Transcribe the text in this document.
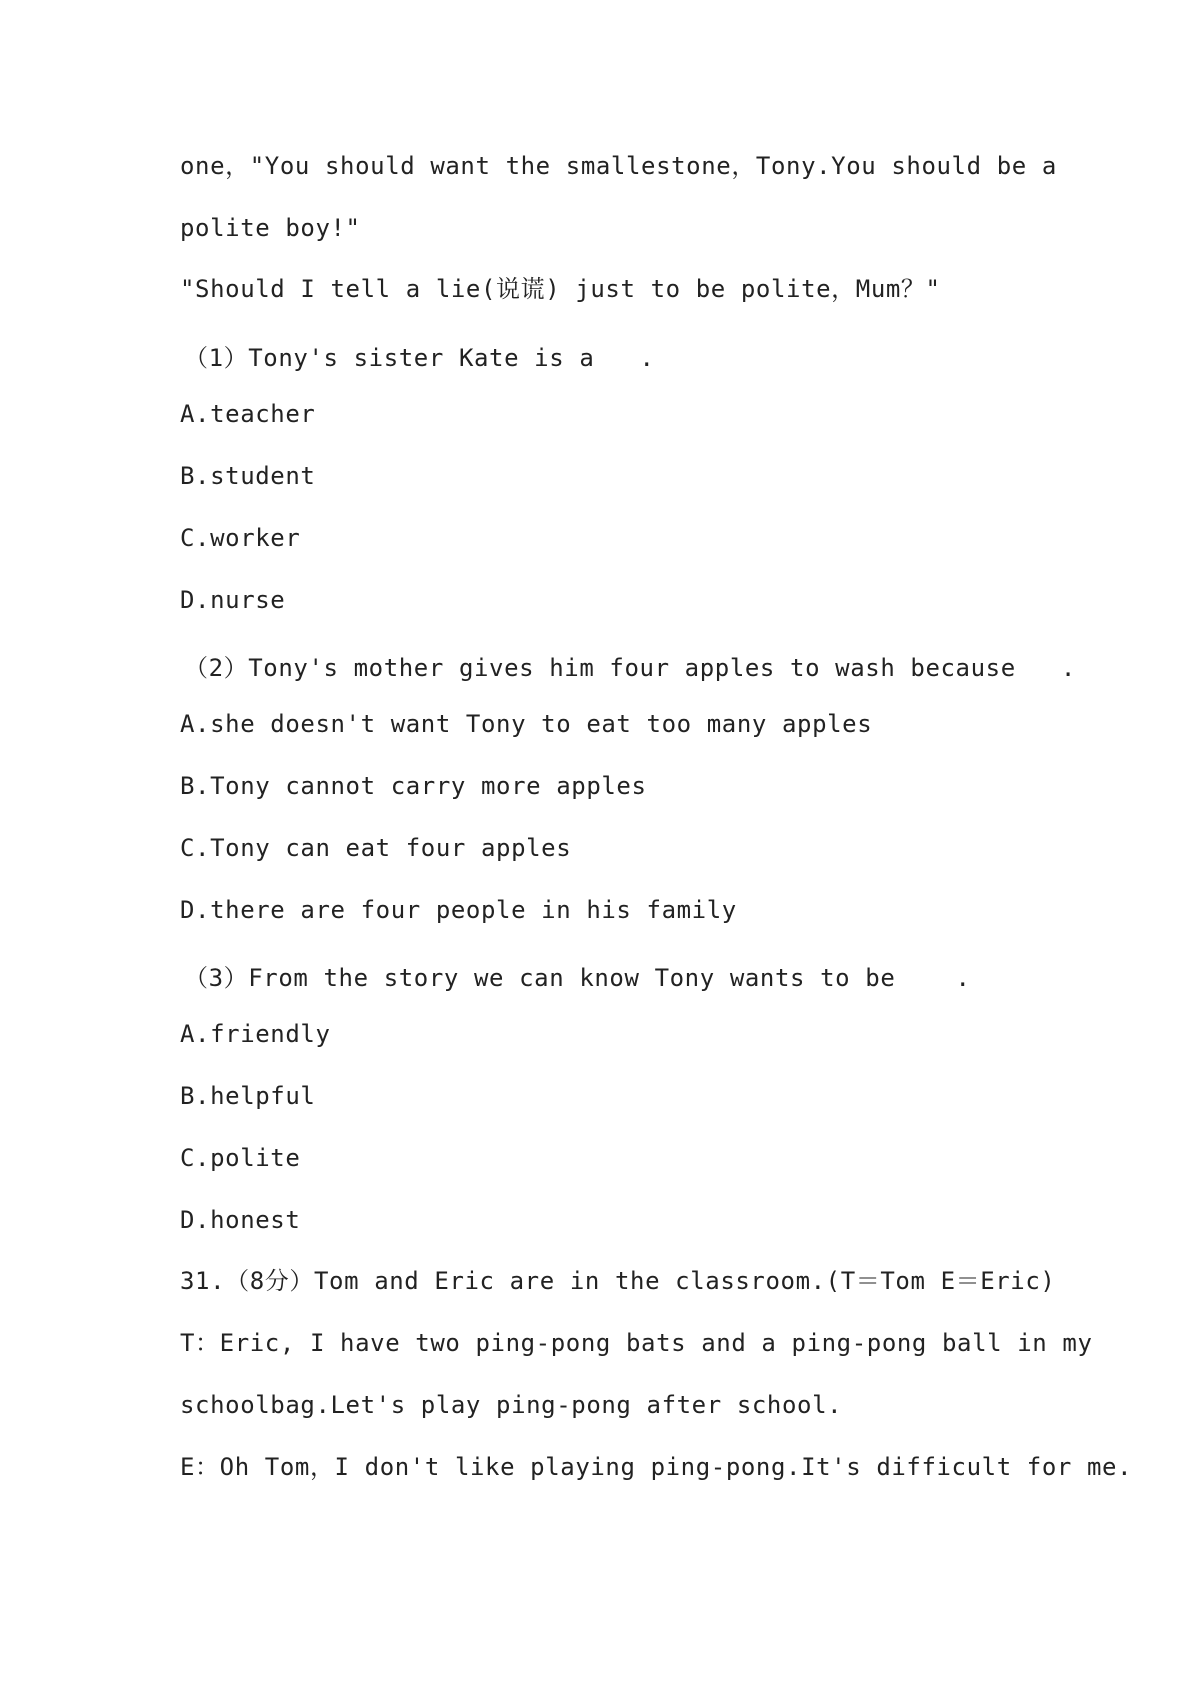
one，"You should want the smallestone，Tony.You should be a
polite boy!"
"Should I tell a lie(说谎) just to be polite，Mum？"
（1）Tony's sister Kate is a   .
A.teacher
B.student
C.worker
D.nurse
（2）Tony's mother gives him four apples to wash because   .
A.she doesn't want Tony to eat too many apples
B.Tony cannot carry more apples
C.Tony can eat four apples
D.there are four people in his family
（3）From the story we can know Tony wants to be    .
A.friendly
B.helpful
C.polite
D.honest
31.（8分）Tom and Eric are in the classroom.(T＝Tom E＝Eric)
T：Eric, I have two ping-pong bats and a ping-pong ball in my
schoolbag.Let's play ping-pong after school.
E：Oh Tom，I don't like playing ping-pong.It's difficult for me.
